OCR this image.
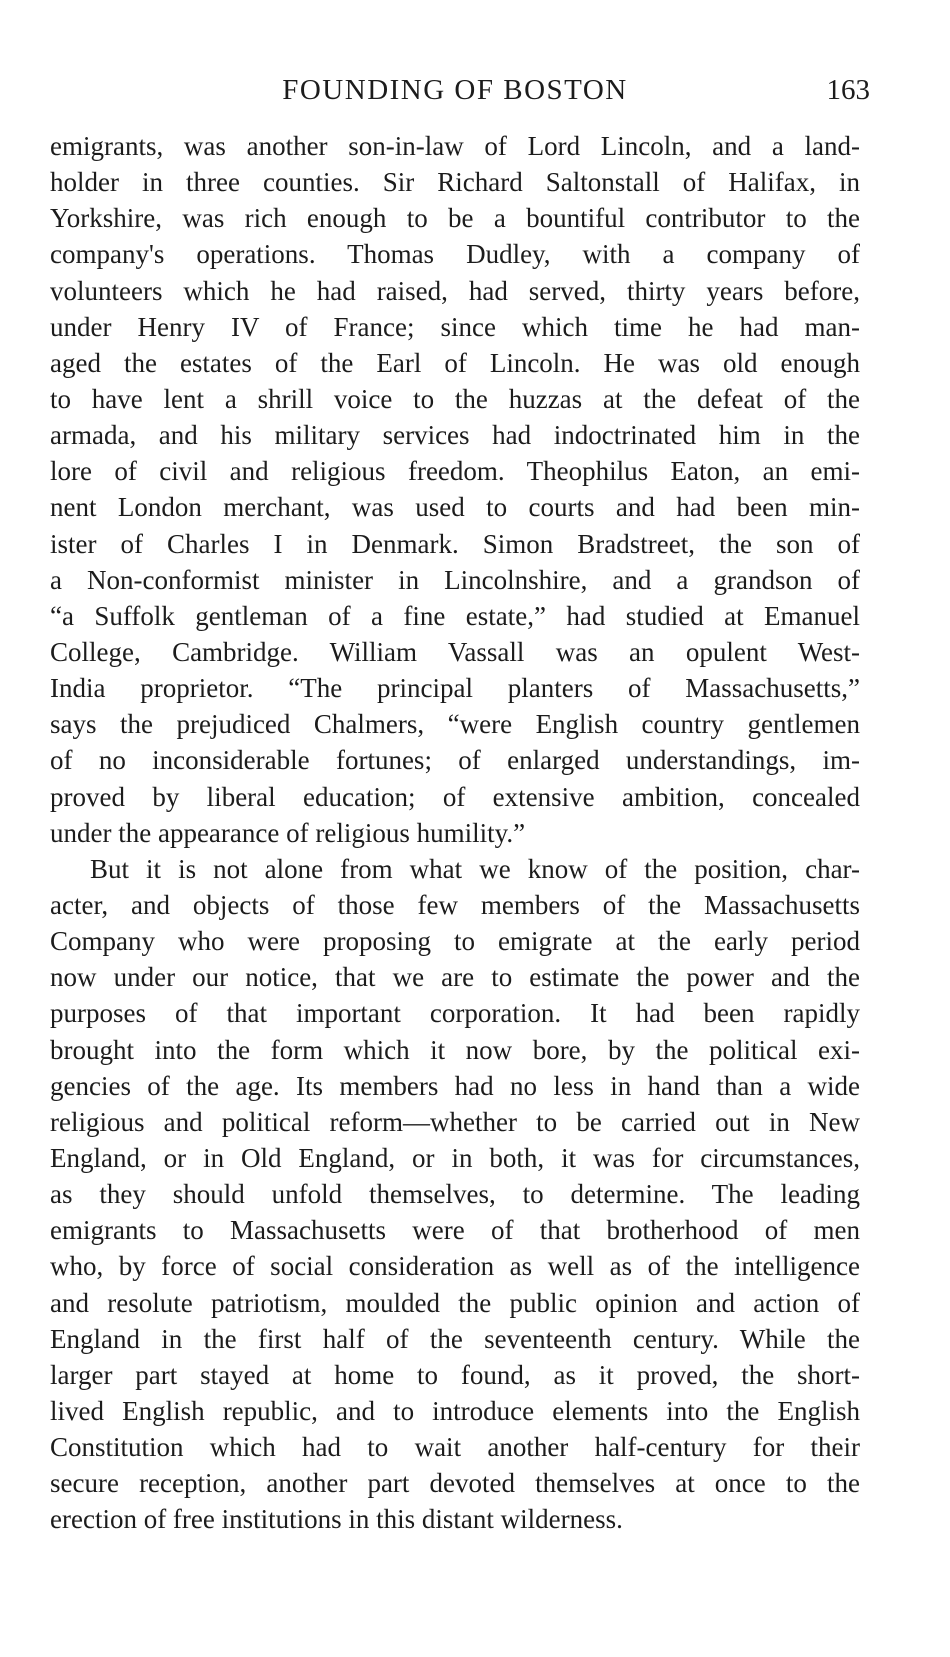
FOUNDING OF BOSTON	163
emigrants, was another son-in-law of Lord Lincoln, and a land-
holder in three counties. Sir Richard Saltonstall of Halifax, in
Yorkshire, was rich enough to be a bountiful contributor to the
company's operations. Thomas Dudley, with a company of
volunteers which he had raised, had served, thirty years before,
under Henry IV of France; since which time he had man-
aged the estates of the Earl of Lincoln. He was old enough
to have lent a shrill voice to the huzzas at the defeat of the
armada, and his military services had indoctrinated him in the
lore of civil and religious freedom. Theophilus Eaton, an emi-
nent London merchant, was used to courts and had been min-
ister of Charles I in Denmark. Simon Bradstreet, the son of
a Non-conformist minister in Lincolnshire, and a grandson of
“a Suffolk gentleman of a fine estate,” had studied at Emanuel
College, Cambridge. William Vassall was an opulent West-
India proprietor. “The principal planters of Massachusetts,”
says the prejudiced Chalmers, “were English country gentlemen
of no inconsiderable fortunes; of enlarged understandings, im-
proved by liberal education; of extensive ambition, concealed
under the appearance of religious humility.”
But it is not alone from what we know of the position, char-
acter, and objects of those few members of the Massachusetts
Company who were proposing to emigrate at the early period
now under our notice, that we are to estimate the power and the
purposes of that important corporation. It had been rapidly
brought into the form which it now bore, by the political exi-
gencies of the age. Its members had no less in hand than a wide
religious and political reform—whether to be carried out in New
England, or in Old England, or in both, it was for circumstances,
as they should unfold themselves, to determine. The leading
emigrants to Massachusetts were of that brotherhood of men
who, by force of social consideration as well as of the intelligence
and resolute patriotism, moulded the public opinion and action of
England in the first half of the seventeenth century. While the
larger part stayed at home to found, as it proved, the short-
lived English republic, and to introduce elements into the English
Constitution which had to wait another half-century for their
secure reception, another part devoted themselves at once to the
erection of free institutions in this distant wilderness.
